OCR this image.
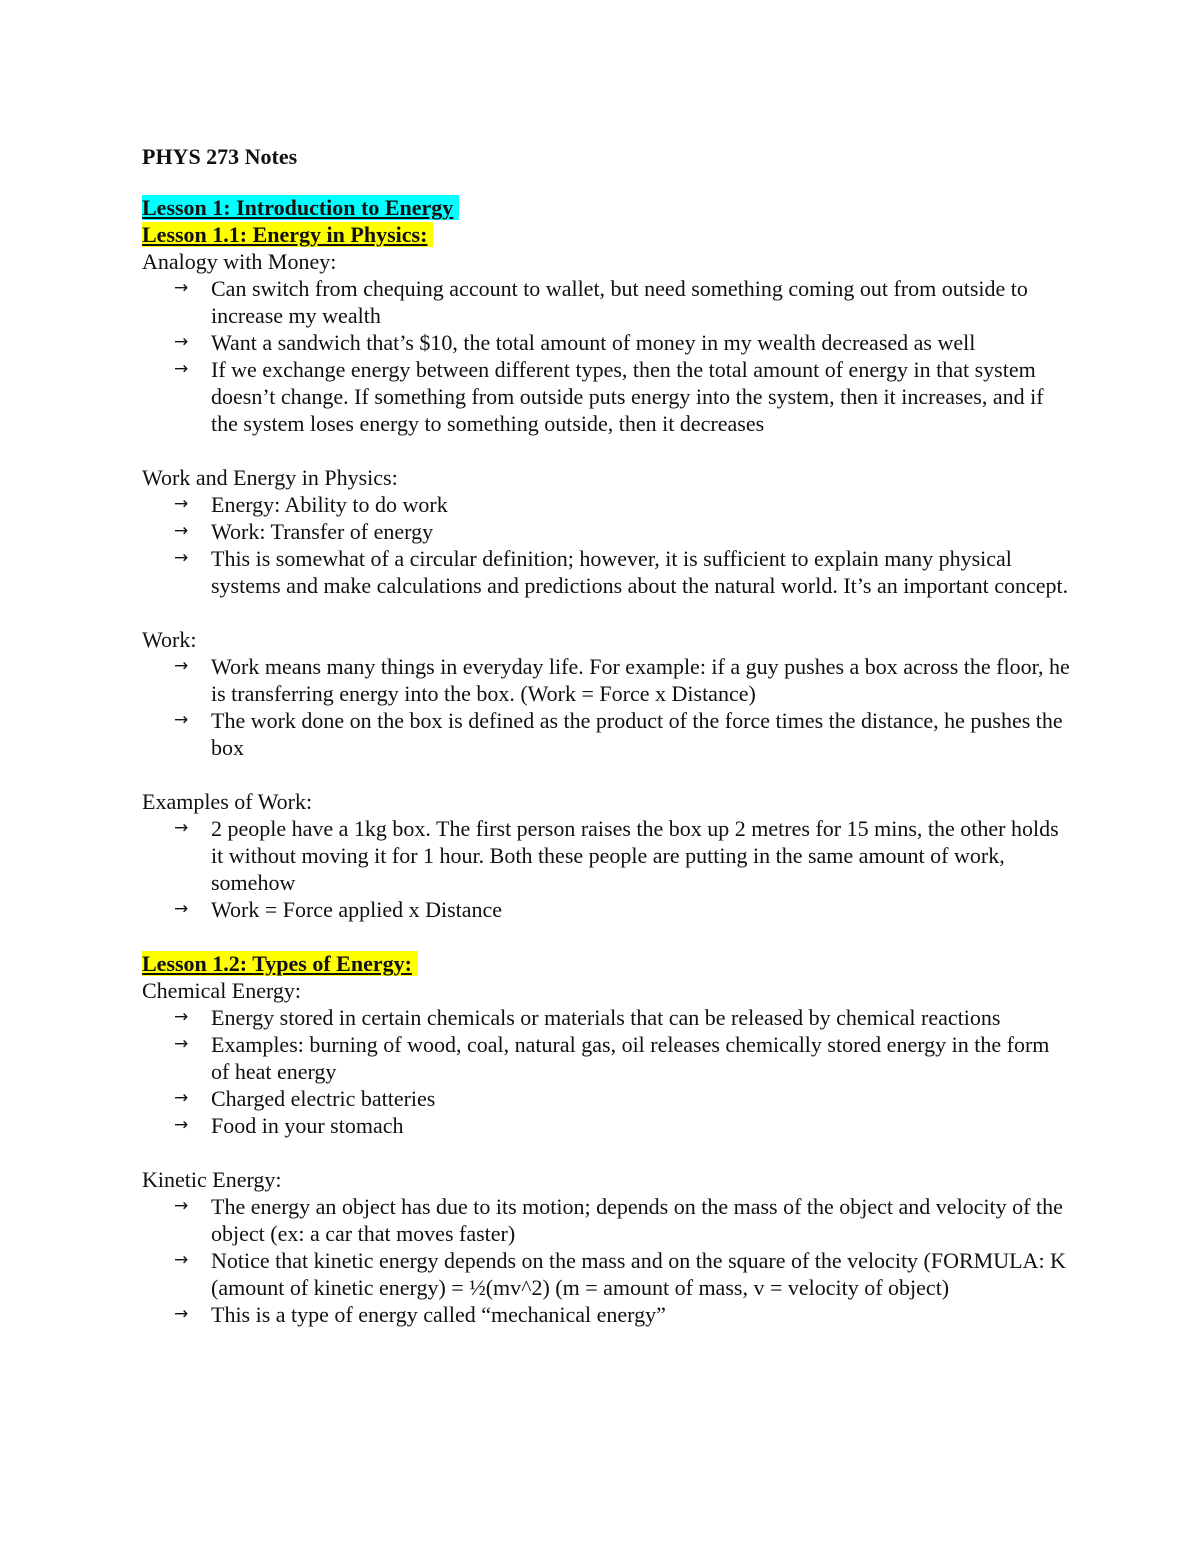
PHYS 273 Notes
Lesson 1: Introduction to Energy
Lesson 1.1: Energy in Physics:
Analogy with Money:
→ Can switch from chequing account to wallet, but need something coming out from outside to increase my wealth
→ Want a sandwich that’s $10, the total amount of money in my wealth decreased as well
→ If we exchange energy between different types, then the total amount of energy in that system doesn’t change. If something from outside puts energy into the system, then it increases, and if the system loses energy to something outside, then it decreases
Work and Energy in Physics:
→ Energy: Ability to do work
→ Work: Transfer of energy
→ This is somewhat of a circular definition; however, it is sufficient to explain many physical systems and make calculations and predictions about the natural world. It’s an important concept.
Work:
→ Work means many things in everyday life. For example: if a guy pushes a box across the floor, he is transferring energy into the box. (Work = Force x Distance)
→ The work done on the box is defined as the product of the force times the distance, he pushes the box
Examples of Work:
→ 2 people have a 1kg box. The first person raises the box up 2 metres for 15 mins, the other holds it without moving it for 1 hour. Both these people are putting in the same amount of work, somehow
→ Work = Force applied x Distance
Lesson 1.2: Types of Energy:
Chemical Energy:
→ Energy stored in certain chemicals or materials that can be released by chemical reactions
→ Examples: burning of wood, coal, natural gas, oil releases chemically stored energy in the form of heat energy
→ Charged electric batteries
→ Food in your stomach
Kinetic Energy:
→ The energy an object has due to its motion; depends on the mass of the object and velocity of the object (ex: a car that moves faster)
→ Notice that kinetic energy depends on the mass and on the square of the velocity (FORMULA: K (amount of kinetic energy) = ½(mv^2) (m = amount of mass, v = velocity of object)
→ This is a type of energy called “mechanical energy”
